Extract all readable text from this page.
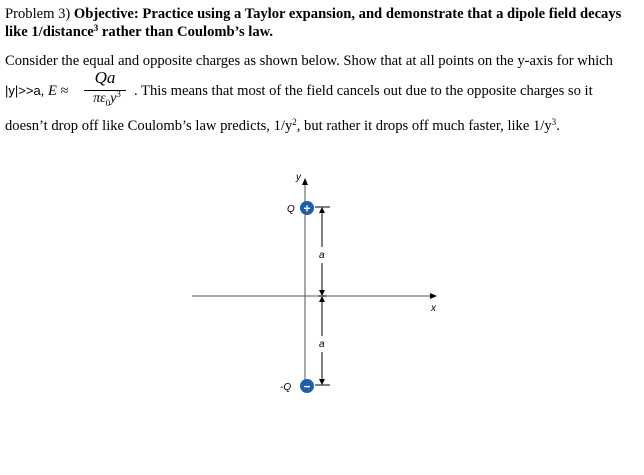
Problem 3) Objective: Practice using a Taylor expansion, and demonstrate that a dipole field decays
like 1/distance$^3$ rather than Coulomb’s law.
Consider the equal and opposite charges as shown below. Show that at all points on the y-axis for which
|y|>>a, E ≈
Qa
$\pi\varepsilon_0y^3$ . This means that most of the field cancels out due to the opposite charges so it
doesn’t drop off like Coulomb’s law predicts, $1/y^2$, but rather it drops off much faster, like $1/y^3$.
y
x
a
a
+
Q
−
-Q
